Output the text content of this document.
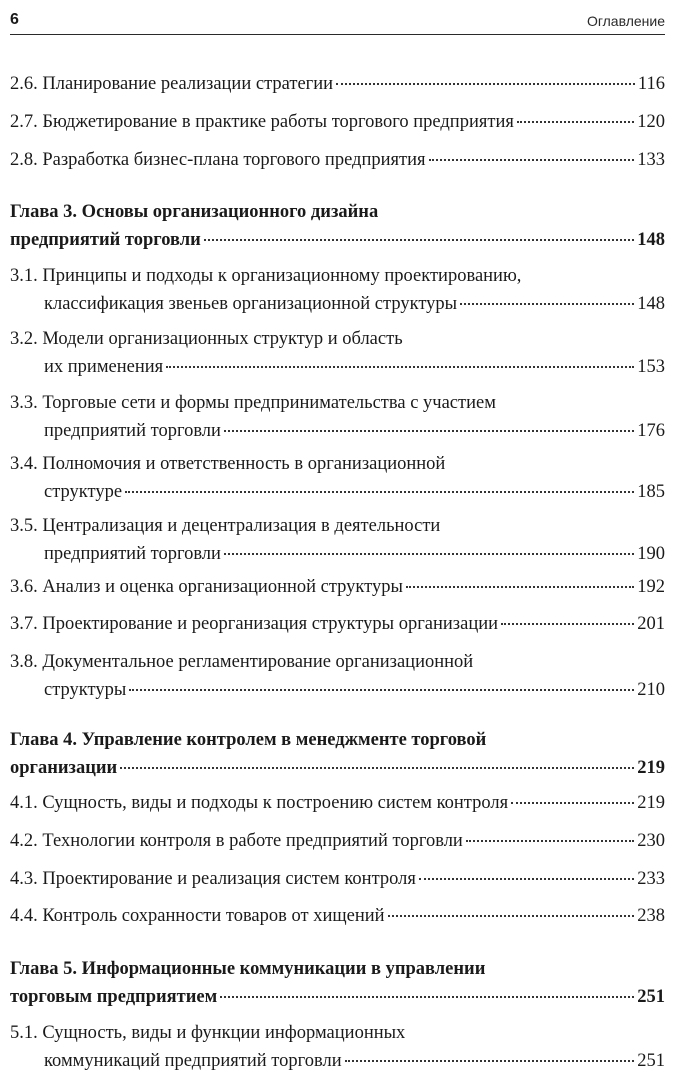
6	Оглавление
2.6. Планирование реализации стратегии	116
2.7. Бюджетирование в практике работы торгового предприятия	120
2.8. Разработка бизнес-плана торгового предприятия	133
Глава 3. Основы организационного дизайна
предприятий торговли	148
3.1. Принципы и подходы к организационному проектированию,
классификация звеньев организационной структуры	148
3.2. Модели организационных структур и область
их применения	153
3.3. Торговые сети и формы предпринимательства с участием
предприятий торговли	176
3.4. Полномочия и ответственность в организационной
структуре	185
3.5. Централизация и децентрализация в деятельности
предприятий торговли	190
3.6. Анализ и оценка организационной структуры	192
3.7. Проектирование и реорганизация структуры организации	201
3.8. Документальное регламентирование организационной
структуры	210
Глава 4. Управление контролем в менеджменте торговой
организации	219
4.1. Сущность, виды и подходы к построению систем контроля	219
4.2. Технологии контроля в работе предприятий торговли	230
4.3. Проектирование и реализация систем контроля	233
4.4. Контроль сохранности товаров от хищений	238
Глава 5. Информационные коммуникации в управлении
торговым предприятием	251
5.1. Сущность, виды и функции информационных
коммуникаций предприятий торговли	251
